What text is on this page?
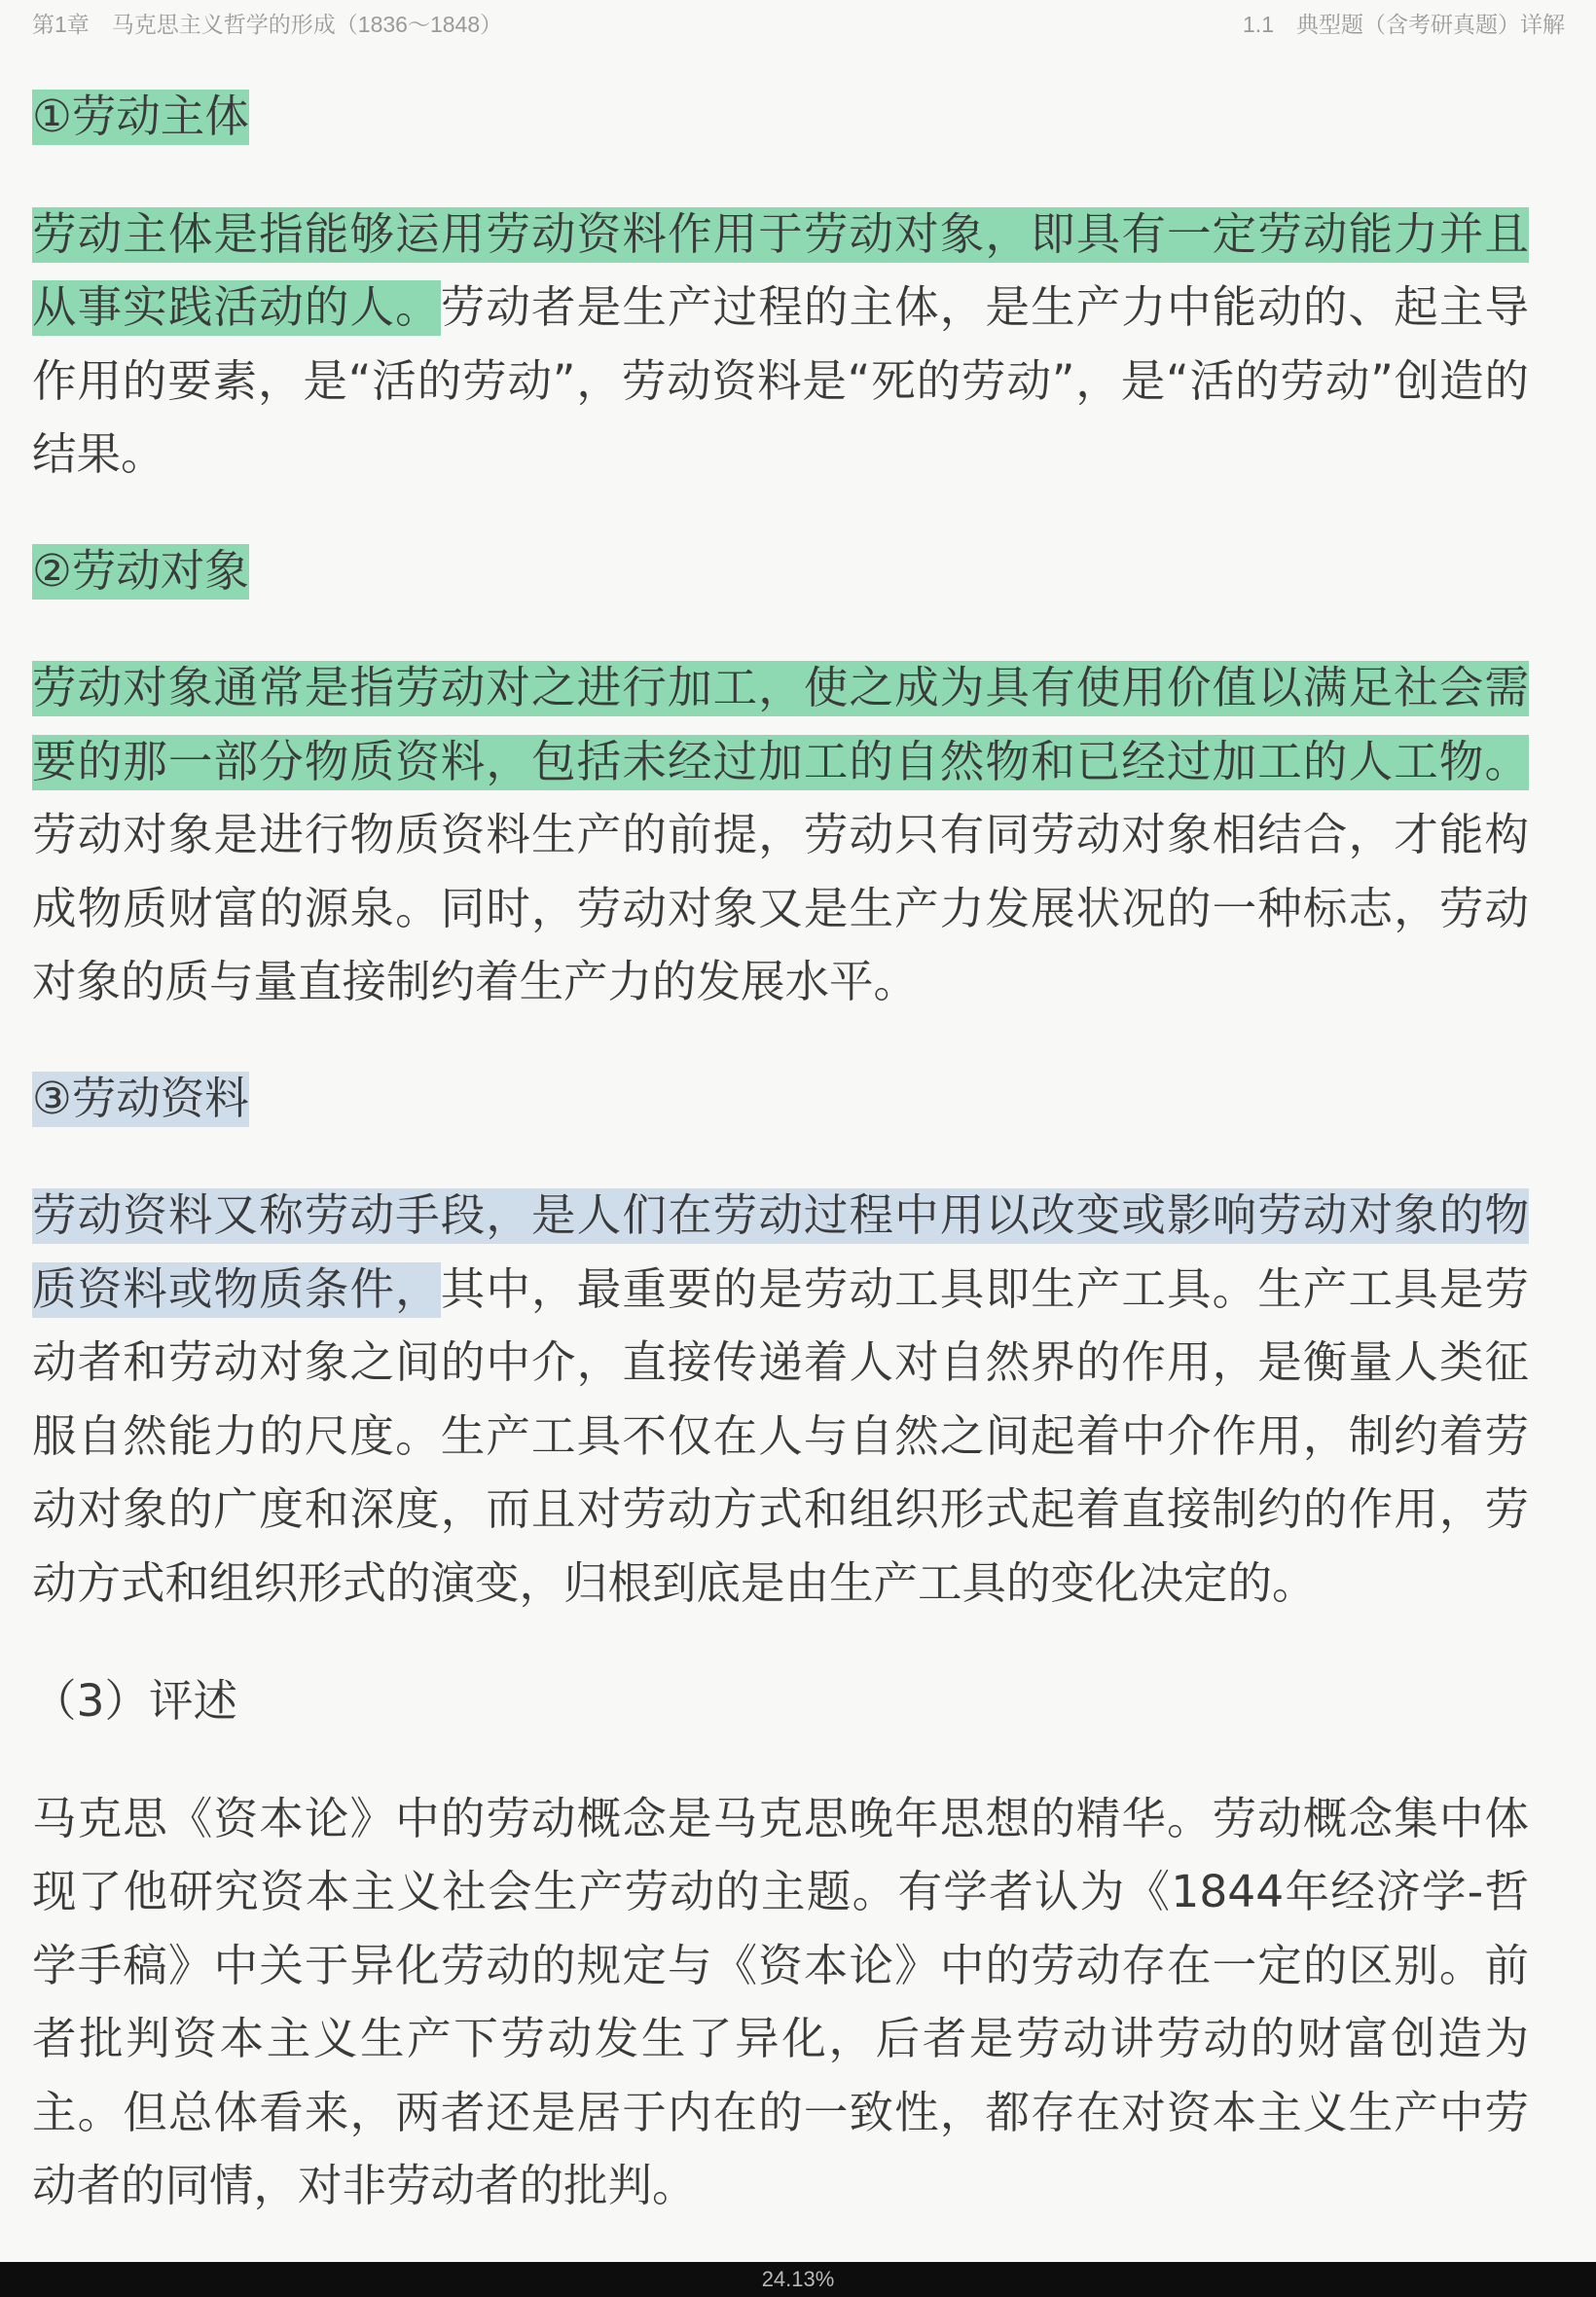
第1章　马克思主义哲学的形成（1836～1848）	1.1　典型题（含考研真题）详解

①劳动主体

劳动主体是指能够运用劳动资料作用于劳动对象，即具有一定劳动能力并且从事实践活动的人。劳动者是生产过程的主体，是生产力中能动的、起主导作用的要素，是“活的劳动”，劳动资料是“死的劳动”，是“活的劳动”创造的结果。

②劳动对象

劳动对象通常是指劳动对之进行加工，使之成为具有使用价值以满足社会需要的那一部分物质资料，包括未经过加工的自然物和已经过加工的人工物。劳动对象是进行物质资料生产的前提，劳动只有同劳动对象相结合，才能构成物质财富的源泉。同时，劳动对象又是生产力发展状况的一种标志，劳动对象的质与量直接制约着生产力的发展水平。

③劳动资料

劳动资料又称劳动手段，是人们在劳动过程中用以改变或影响劳动对象的物质资料或物质条件，其中，最重要的是劳动工具即生产工具。生产工具是劳动者和劳动对象之间的中介，直接传递着人对自然界的作用，是衡量人类征服自然能力的尺度。生产工具不仅在人与自然之间起着中介作用，制约着劳动对象的广度和深度，而且对劳动方式和组织形式起着直接制约的作用，劳动方式和组织形式的演变，归根到底是由生产工具的变化决定的。

（3）评述

马克思《资本论》中的劳动概念是马克思晚年思想的精华。劳动概念集中体现了他研究资本主义社会生产劳动的主题。有学者认为《1844年经济学-哲学手稿》中关于异化劳动的规定与《资本论》中的劳动存在一定的区别。前者批判资本主义生产下劳动发生了异化，后者是劳动讲劳动的财富创造为主。但总体看来，两者还是居于内在的一致性，都存在对资本主义生产中劳动者的同情，对非劳动者的批判。

24.13%
